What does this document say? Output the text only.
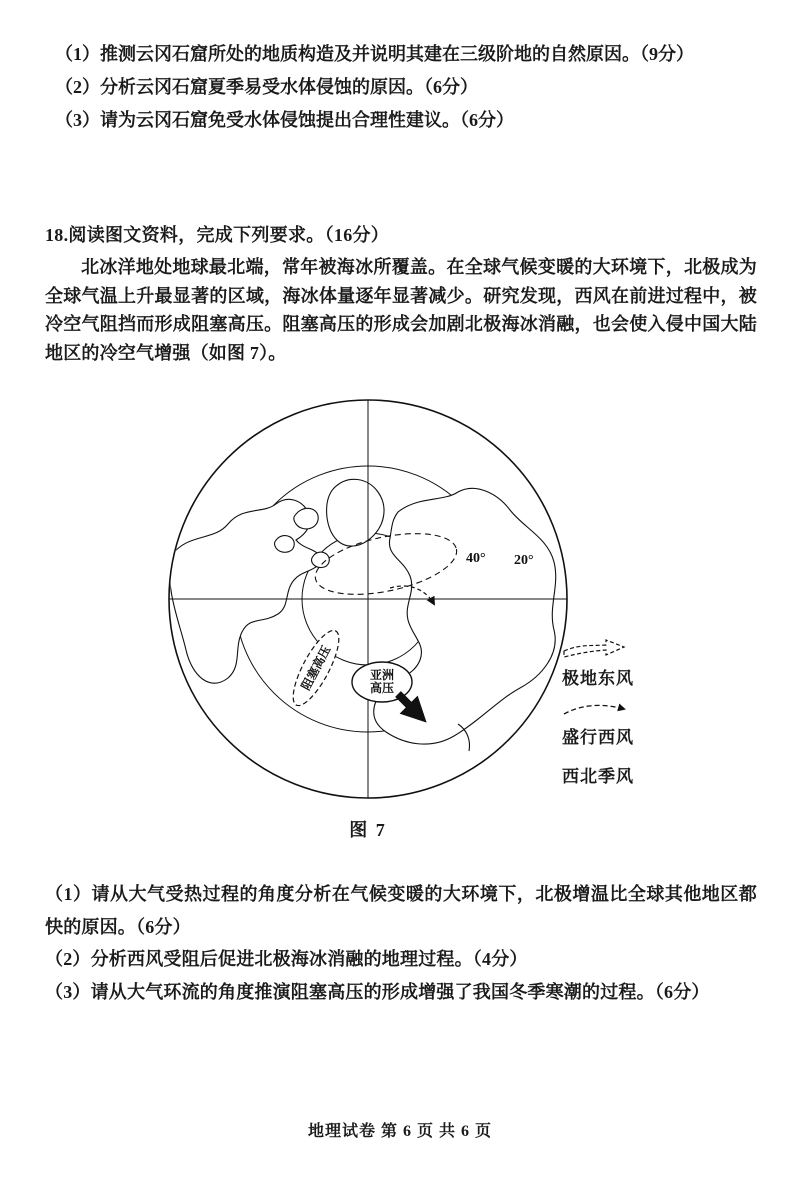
（1）推测云冈石窟所处的地质构造及并说明其建在三级阶地的自然原因。（9分）
（2）分析云冈石窟夏季易受水体侵蚀的原因。（6分）
（3）请为云冈石窟免受水体侵蚀提出合理性建议。（6分）
18.阅读图文资料，完成下列要求。（16分）
北冰洋地处地球最北端，常年被海冰所覆盖。在全球气候变暖的大环境下，北极成为全球气温上升最显著的区域，海冰体量逐年显著减少。研究发现，西风在前进过程中，被冷空气阻挡而形成阻塞高压。阻塞高压的形成会加剧北极海冰消融，也会使入侵中国大陆地区的冷空气增强（如图 7）。
40° 20°
阻塞高压	亚洲
高压	极地东风
盛行西风
西北季风
图 7
（1）请从大气受热过程的角度分析在气候变暖的大环境下，北极增温比全球其他地区都快的原因。（6分）
（2）分析西风受阻后促进北极海冰消融的地理过程。（4分）
（3）请从大气环流的角度推演阻塞高压的形成增强了我国冬季寒潮的过程。（6分）
地理试卷 第 6 页 共 6 页
